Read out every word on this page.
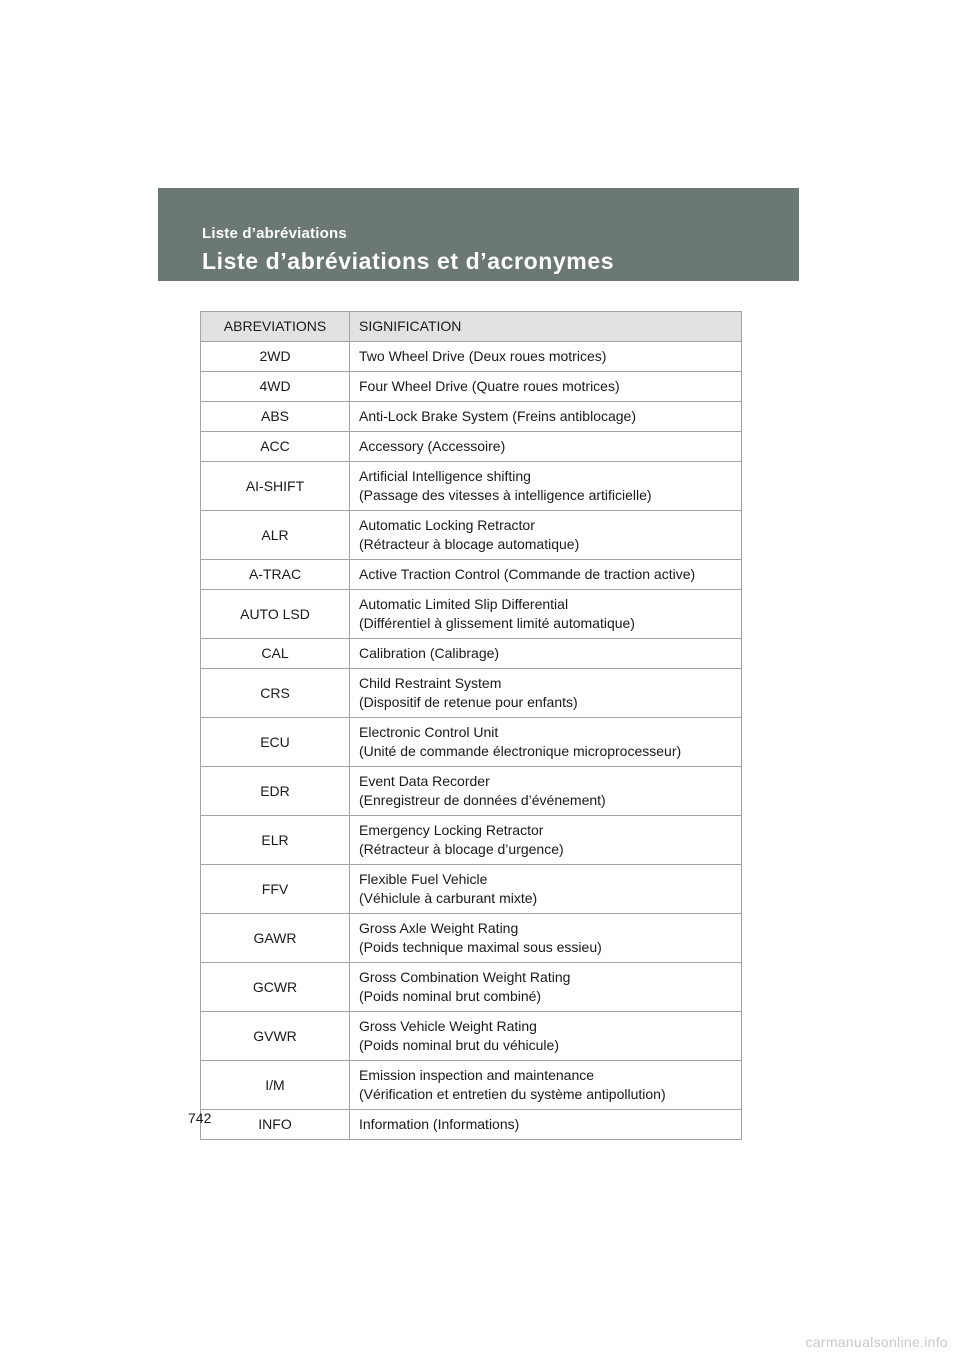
Liste d’abréviations
Liste d’abréviations et d’acronymes
ABREVIATIONS	SIGNIFICATION
2WD	Two Wheel Drive (Deux roues motrices)

4WD	Four Wheel Drive (Quatre roues motrices)

ABS	Anti-Lock Brake System (Freins antiblocage)

ACC	Accessory (Accessoire)

AI-SHIFT	Artificial Intelligence shifting
(Passage des vitesses à intelligence artificielle)

ALR	Automatic Locking Retractor
(Rétracteur à blocage automatique)

A-TRAC	Active Traction Control (Commande de traction active)

AUTO LSD	Automatic Limited Slip Differential
(Différentiel à glissement limité automatique)

CAL	Calibration (Calibrage)

CRS	Child Restraint System
(Dispositif de retenue pour enfants)

ECU	Electronic Control Unit
(Unité de commande électronique microprocesseur)

EDR	Event Data Recorder
(Enregistreur de données d’événement)

ELR	Emergency Locking Retractor
(Rétracteur à blocage d’urgence)

FFV	Flexible Fuel Vehicle
(Véhiclule à carburant mixte)

GAWR	Gross Axle Weight Rating
(Poids technique maximal sous essieu)

GCWR	Gross Combination Weight Rating
(Poids nominal brut combiné)

GVWR	Gross Vehicle Weight Rating
(Poids nominal brut du véhicule)

I/M	Emission inspection and maintenance
(Vérification et entretien du système antipollution)

INFO	Information (Informations)
742
carmanualsonline.info
